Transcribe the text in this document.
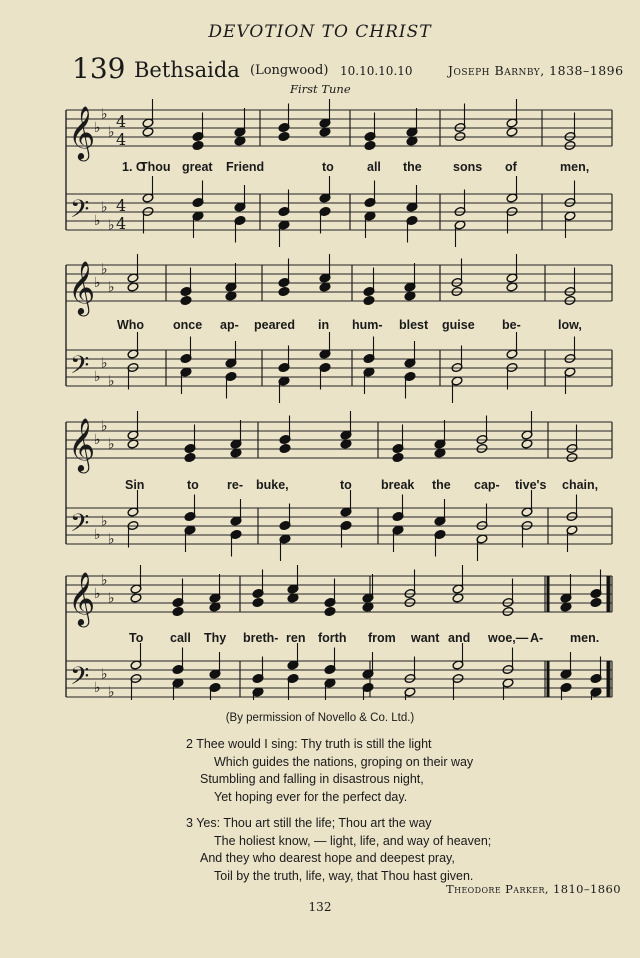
DEVOTION TO CHRIST
139 Bethsaida (Longwood) 10.10.10.10	Joseph Barnby, 1838–1896
First Tune
𝄞
𝄢
♭
♭
♭
♭
♭
♭
4
4
4
4
𝄞
𝄢
♭
♭
♭
♭
♭
♭
𝄞
𝄢
♭
♭
♭
♭
♭
♭
𝄞
𝄢
♭
♭
♭
♭
♭
♭
1. O
Thou great Friend	to	all the	sons of	men,
Who once ap- peared in hum- blest guise be-	low,
Sin	to re- buke,	to break the cap- tive's chain,
To call Thy breth- ren forth from want and woe,— A- men.
(By permission of Novello & Co. Ltd.)
2 Thee would I sing: Thy truth is still the light
Which guides the nations, groping on their way
Stumbling and falling in disastrous night,
Yet hoping ever for the perfect day.
3 Yes: Thou art still the life; Thou art the way
The holiest know, — light, life, and way of heaven;
And they who dearest hope and deepest pray,
Toil by the truth, life, way, that Thou hast given.
Theodore Parker, 1810–1860
132
